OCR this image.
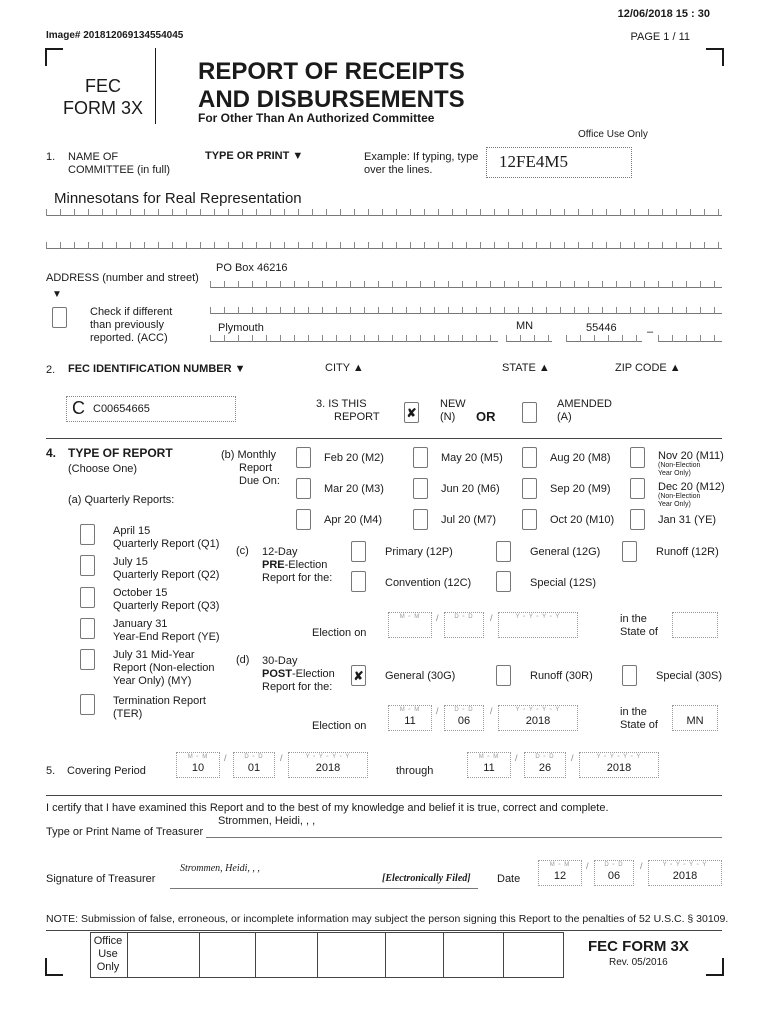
12/06/2018 15 : 30
Image# 201812069134554045	PAGE 1 / 11
FEC
FORM 3X
REPORT OF RECEIPTS
AND DISBURSEMENTS
For Other Than An Authorized Committee
Office Use Only
12FE4M5
1. NAME OF
COMMITTEE (in full)
TYPE OR PRINT ▼	Example: If typing, type
over the lines.
Minnesotans for Real Representation
ADDRESS (number and street)
▼
PO Box 46216
Check if different
than previously
reported. (ACC)
Plymouth	MN	55446	–
2. FEC IDENTIFICATION NUMBER ▼	CITY ▲	STATE ▲	ZIP CODE ▲
C C00654665	3. IS THIS
REPORT ✘
NEW
(N)	OR
AMENDED
(A)
4. TYPE OF REPORT
(Choose One)
(a) Quarterly Reports:
(b) Monthly
Report
Due On:
Feb 20 (M2)	May 20 (M5)	Aug 20 (M8)	Nov 20 (M11)
(Non-Election
Year Only)
Mar 20 (M3)	Jun 20 (M6)	Sep 20 (M9)	Dec 20 (M12)
(Non-Election
Year Only)
Apr 20 (M4)	Jul 20 (M7)	Oct 20 (M10)	Jan 31 (YE)
April 15
Quarterly Report (Q1)
July 15
Quarterly Report (Q2)
October 15
Quarterly Report (Q3)
January 31
Year-End Report (YE)
July 31 Mid-Year
Report (Non-election
Year Only) (MY)
Termination Report
(TER)
(c) 12-Day
PRE-Election
Report for the:
Primary (12P)	General (12G)	Runoff (12R)
Convention (12C)	Special (12S)
Election on
M ▫ M	/	D ▫ D	/	Y ▫ Y ▫ Y ▫ Y	in the
State of
(d) 30-Day
POST-Election
Report for the:
✘ General (30G)	Runoff (30R)	Special (30S)
Election on
M ▫ M
11
/	D ▫ D
06
/	Y ▫ Y ▫ Y ▫ Y
2018
in the
State of	MN
5. Covering Period
M ▫ M
10
/	D ▫ D
01
/	Y ▫ Y ▫ Y ▫ Y
2018	through
M ▫ M
11
/	D ▫ D
26
/	Y ▫ Y ▫ Y ▫ Y
2018
I certify that I have examined this Report and to the best of my knowledge and belief it is true, correct and complete.
Strommen, Heidi, , ,
Type or Print Name of Treasurer
Signature of Treasurer
Strommen, Heidi, , ,
[Electronically Filed] Date
M ▫ M
12
/	D ▫ D
06
/	Y ▫ Y ▫ Y ▫ Y
2018
NOTE: Submission of false, erroneous, or incomplete information may subject the person signing this Report to the penalties of 52 U.S.C. § 30109.
Office
Use
Only
FEC FORM 3X
Rev. 05/2016
